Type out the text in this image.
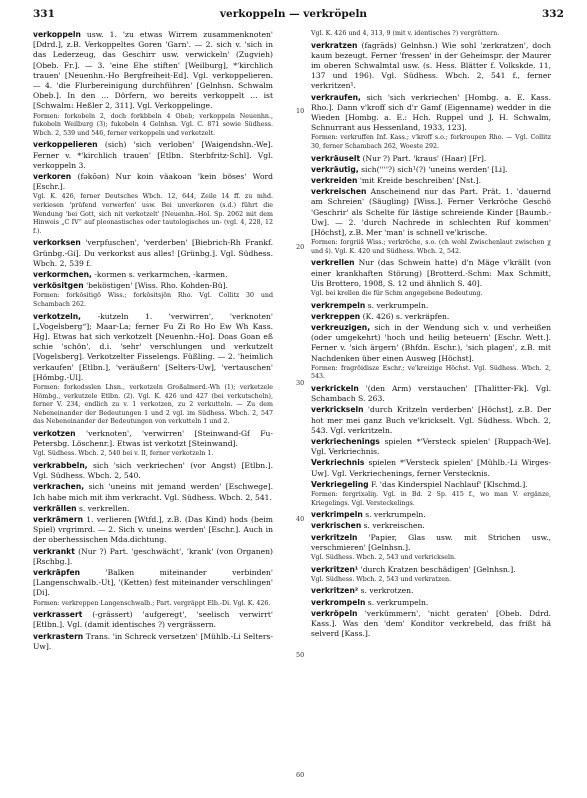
331	verkoppeln — verkröpeln	332
10
20
30
40
50
60

verkoppeln usw. 1. 'zu etwas Wirrem zusammenknoten' [Ddrd.], z.B. Verkoppeltes Goren 'Garn'. — 2. sich v. 'sich in das Lederzeug, das Geschirr usw. verwickeln' (Zugvieh) [Obeb. Fr.]. — 3. 'eine Ehe stiften' [Weilburg], *'kirchlich trauen' [Neuenhn.-Ho Bergfreiheit-Ed]. Vgl. verkoppelieren. — 4. 'die Flurbereinigung durchführen' [Gelnhsn. Schwalm Obeb.]. In den ... Dörfern, wo bereits verkoppelt ... ist [Schwalm: Heßler 2, 311]. Vgl. Verkoppelinge.

Formen: forkobeln 2, doch forkbbeln 4 Obeb; verkoppeln Neuenhn., fukoboln Weilburg (3); fukobeln 4 Gelnhsn. Vgl. C. 871 sowie Südhess. Wbch. 2, 539 und 546, ferner verkoppeln und verketzelt.

verkoppelieren (sich) 'sich verloben' [Waigendshn.-We]. Ferner v. *'kirchlich trauen' [Etlbn. Sterbfritz-Schl]. Vgl. verkoppeln 3.

verkoren (fәkōәn) Nur koin väakoәn 'kein böses' Word [Eschr.].

Vgl. K. 426, ferner Deutsches Wbch. 12, 644, Zeile 14 ff. zu mhd. verkiesen 'prüfend verwerfen' usw. Bei unverkoren (s.d.) führt die Wendung 'bei Gott, sich nit verkotzelt' [Neuenhn.-Hol. Sp. 2062 mit dem Hinweis „C IV“ auf pleonastisches oder tautologisches un- (vgl. 4, 228, 12 f.).

verkorksen 'verpfuschen', 'verderben' [Biebrich-Rh Frankf. Grünbg.-Gi]. Du verkorkst aus alles! [Grünbg.]. Vgl. Südhess. Wbch. 2, 539 f.

verkormchen, -kormen s. verkarmchen, -karmen.

verkösitgen 'beköstigen' [Wiss. Rho. Kohden-Bü].

Formen: forkōsitigō Wiss.; forkōsitsjōn Rho. Vgl. Collitz 30 und Schambach 262.

verkotzeln, -kutzeln 1. 'verwirren', 'verknoten' [„Vogelsberg“]; Maar-La; ferner Fu Zi Ro Ho Ew Wh Kass. Hg]. Etwas hat sich verkotzelt [Neuenhn.-Ho]. Doas Goan eß schie 'schön', d.i. 'sehr' verschlungen und verkutzelt [Vogelsberg]. Verkotzelter Fisselengs. Füßling. — 2. 'heimlich verkaufen' [Etlbn.], 'veräußern' [Selters-Uw], 'vertauschen' [Hömbg.-Ul].

Formen: forkodsslen Lhsn., verkotzeln Großalmerd.-Wh (1); verketzele Hömbg., verkutzele Etlbn. (2). Vgl. K. 426 und 427 (bei verkutscheln), ferner V. 234, endlich zu v. 1 verkotzen, zu 2 verkutteln. — Zu dem Nebeneinander der Bedeutungen 1 und 2 vgl. im Südhess. Wbch. 2, 547 das Nebeneinander der Bedeutungen von verkutteln 1 und 2.

verkotzen 'verknoten', 'verwirren' [Steinwand-Gf Fu-Petersbg. Löschenr.]. Etwas ist verkotzt [Steinwand].

Vgl. Südhess. Wbch. 2, 540 bei v. II, ferner verkotzeln 1.

verkrabbeln, sich 'sich verkriechen' (vor Angst) [Etlbn.]. Vgl. Südhess. Wbch. 2, 540.

verkrachen, sich 'uneins mit jemand werden' [Eschwege]. Ich habe mich mit ihm verkracht. Vgl. Südhess. Wbch. 2, 541.

verkrällen s. verkrellen.

verkrämern 1. verlieren [Wtfd.], z.B. (Das Kind) hods (beim Spiel) vrgrimrd. — 2. Sich v. uneins werden' [Eschr.]. Auch in der oberhessischen Mda.dichtung.

verkrankt (Nur ?) Part. 'geschwächt', 'krank' (von Organen) [Rschbg.].

verkräpfen	'Balken miteinander verbinden' [Langenschwalb.-Ut], '(Ketten) fest miteinander verschlingen' [Di].

Formen: verkreppen Langenschwalb.; Part. vergräppt Elb.-Di. Vgl. K. 426.

verkrassert (-grässert) 'aufgeregt', 'seelisch verwirrt' [Etlbn.]. Vgl. (damit identisches ?) vergrässern.

verkrastern Trans. 'in Schreck versetzen' [Mühlb.-Li Selters-Uw].

Vgl. K. 426 und 4, 313, 9 (mit v. identisches ?) vergrättern.

verkratzen (fagrāds) Gelnhsn.) Wie sohl 'zerkratzen', doch kaum bezeugt. Ferner 'fressen' in der Geheimspr. der Maurer im oberen Schwalmtal usw. (s. Hess. Blätter f. Volkskde. 11, 137 und 196). Vgl. Südhess. Wbch. 2, 541 f., ferner verkritzen¹.

verkraufen, sich 'sich verkriechen' [Hombg. a. E. Kass. Rho.]. Dann v'kroff sich d'r Gamf (Eigenname) wedder in die Wieden [Hombg. a. E.: Hch. Ruppel und J. H. Schwalm, Schnurrant aus Hessenland, 1933, 123].

Formen: verkruffen Inf. Kass.; v'kroff s.o.; forkroupen Rho. — Vgl. Collitz 30, ferner Schambach 262, Woeste 292.

verkräuselt (Nur ?) Part. 'kraus' (Haar) [Fr].

verkräutig, sich(''''?) sich¹(?) 'uneins werden' [Li].

verkreiden 'mit Kreide beschreiben' [Nst.].

verkreischen Anscheinend nur das Part. Prät. 1. 'dauernd am Schreien' (Säugling) [Wiss.]. Ferner Verkröche Geschö 'Geschrir' als Schelte für lästige schreiende Kinder [Baumb.-Uw]. — 2. 'durch Nachrede in schlechten Ruf kommen' [Höchst], z.B. Mer 'man' is schnell ve'krische.

Formen: forgriiš Wiss.; verkröche, s.o. (ch wohl Zwischenlaut zwischen χ und š). Vgl. K. 420 und Südhess. Wbch. 2, 542.

verkrellen Nur (das Schwein hatte) d'n Mäge v'krällt (von einer krankhaften Störung) [Brotterd.-Schm: Max Schmitt, Uis Brottero, 1908, S. 12 und ähnlich S. 40].

Vgl. bei krellen die für Schm angegebene Bedeutung.

verkrempeln s. verkrumpeln.

verkreppen (K. 426) s. verkräpfen.

verkreuzigen, sich in der Wendung sich v. und verheißen (oder umgekehrt) 'hoch und heilig beteuern' [Eschr. Wett.]. Ferner v. 'sich ärgern' (Bhfdn. Eschr.), 'sich plagen', z.B. mit Nachdenken über einen Ausweg [Höchst].

Formen: fragröidisze Eschr.; ve'kreizige Höchst. Vgl. Südhess. Wbch. 2, 543.

verkrickeln '(den Arm) verstauchen' [Thalitter-Fk]. Vgl. Schambach S. 263.

verkrickseln 'durch Kritzeln verderben' [Höchst], z.B. Der hot mer mei ganz Buch ve'krickselt. Vgl. Südhess. Wbch. 2, 543. Vgl. verkritzeln.

verkriechenings spielen *'Versteck spielen' [Ruppach-We]. Vgl. Verkriechnis.

Verkriechnis spielen *'Versteck spielen' [Mühlb.-Li Wirges-Uw]. Vgl. Verkriechenings, ferner Verstecknis.

Verkriegeling F. 'das Kinderspiel Nachlauf' [Klschmd.].

Formen: fergrixǝliŋ. Vgl. in Bd. 2 Sp. 415 f., wo man V. ergänze, Kriegelings. Vgl. Versteckelings.

verkrimpeln s. verkrumpeln.

verkrischen s. verkreischen.

verkritzeln 'Papier, Glas usw. mit Strichen usw., verschmieren' [Gelnhsn.].

Vgl. Südhess. Wbch. 2, 543 und verkrickseln.

verkritzen¹ 'durch Kratzen beschädigen' [Gelnhsn.].

Vgl. Südhess. Wbch. 2, 543 und verkratzen.

verkritzen² s. verkrotzen.

verkrompeln s. verkrumpeln.

verkröpeln 'verkümmern', 'nicht geraten' [Obeb. Ddrd. Kass.]. Was den 'dem' Konditor verkrebeld, das frißt hä selverd [Kass.].
